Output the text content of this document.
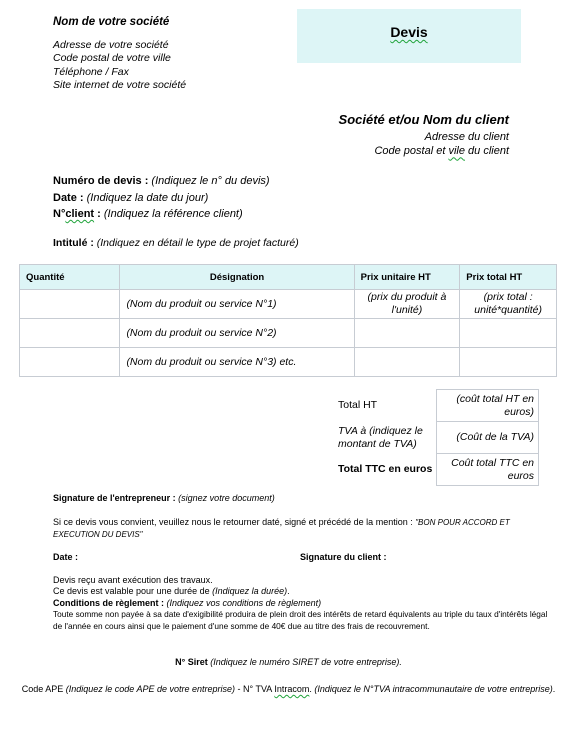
Nom de votre société
Adresse de votre société
Code postal de votre ville
Téléphone / Fax
Site internet de votre société
Devis
Société et/ou Nom du client
Adresse du client
Code postal et vile du client
Numéro de devis : (Indiquez le n° du devis)
Date : (Indiquez la date du jour)
N°client : (Indiquez la référence client)
Intitulé : (Indiquez en détail le type de projet facturé)
Quantité	Désignation	Prix unitaire HT	Prix total HT
	(Nom du produit ou service N°1)	(prix du produit à l'unité)	(prix total : unité*quantité)
	(Nom du produit ou service N°2)		
	(Nom du produit ou service N°3) etc.		
Total HT	(coût total HT en euros)
TVA à (indiquez le montant de TVA)	(Coût de la TVA)
Total TTC en euros	Coût total TTC en euros
Signature de l'entrepreneur : (signez votre document)
Si ce devis vous convient, veuillez nous le retourner daté, signé et précédé de la mention : "BON POUR ACCORD ET EXECUTION DU DEVIS"
Date :	Signature du client :
Devis reçu avant exécution des travaux.
Ce devis est valable pour une durée de (Indiquez la durée).
Conditions de règlement : (Indiquez vos conditions de règlement)
Toute somme non payée à sa date d'exigibilité produira de plein droit des intérêts de retard équivalents au triple du taux d'intérêts légal de l'année en cours ainsi que le paiement d'une somme de 40€ due au titre des frais de recouvrement.
N° Siret (Indiquez le numéro SIRET de votre entreprise).
Code APE (Indiquez le code APE de votre entreprise) - N° TVA Intracom. (Indiquez le N°TVA intracommunautaire de votre entreprise).
